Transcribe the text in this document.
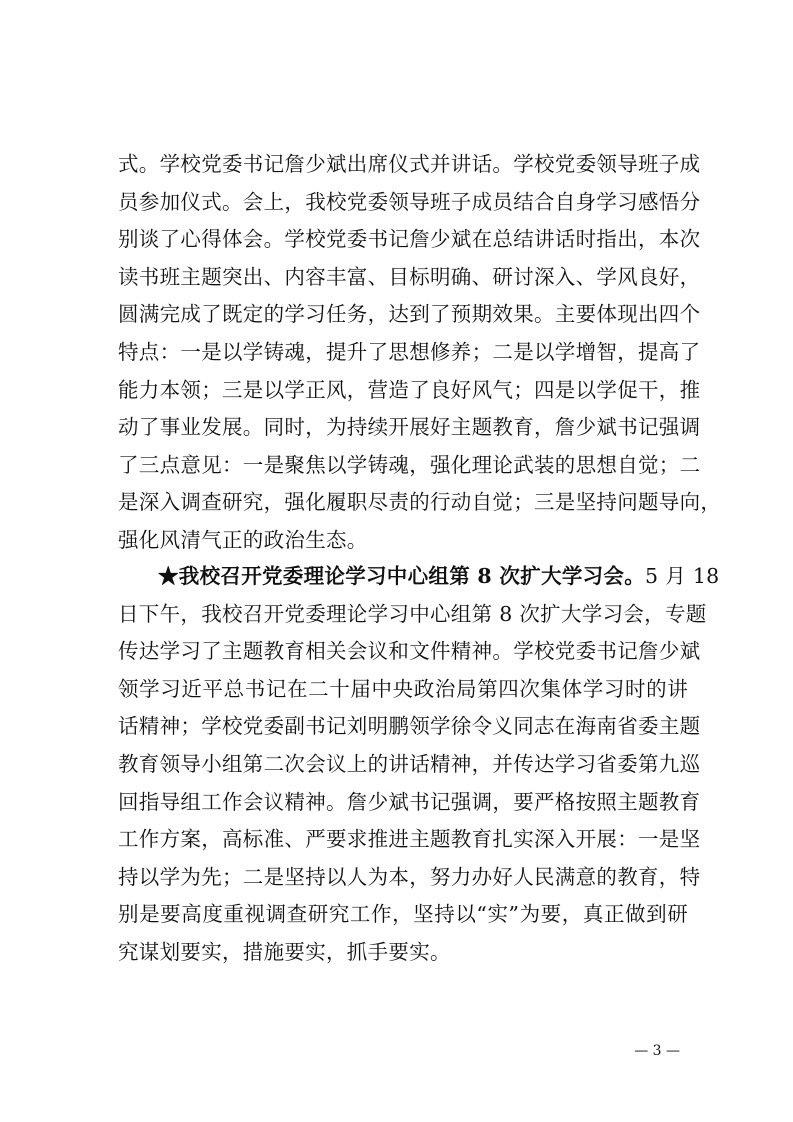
式。学校党委书记詹少斌出席仪式并讲话。学校党委领导班子成
员参加仪式。会上，我校党委领导班子成员结合自身学习感悟分
别谈了心得体会。学校党委书记詹少斌在总结讲话时指出，本次
读书班主题突出、内容丰富、目标明确、研讨深入、学风良好，
圆满完成了既定的学习任务，达到了预期效果。主要体现出四个
特点：一是以学铸魂，提升了思想修养；二是以学增智，提高了
能力本领；三是以学正风，营造了良好风气；四是以学促干，推
动了事业发展。同时，为持续开展好主题教育，詹少斌书记强调
了三点意见：一是聚焦以学铸魂，强化理论武装的思想自觉；二
是深入调查研究，强化履职尽责的行动自觉；三是坚持问题导向，
强化风清气正的政治生态。
★我校召开党委理论学习中心组第 8 次扩大学习会。5 月 18
日下午，我校召开党委理论学习中心组第 8 次扩大学习会，专题
传达学习了主题教育相关会议和文件精神。学校党委书记詹少斌
领学习近平总书记在二十届中央政治局第四次集体学习时的讲
话精神；学校党委副书记刘明鹏领学徐令义同志在海南省委主题
教育领导小组第二次会议上的讲话精神，并传达学习省委第九巡
回指导组工作会议精神。詹少斌书记强调，要严格按照主题教育
工作方案，高标准、严要求推进主题教育扎实深入开展：一是坚
持以学为先；二是坚持以人为本，努力办好人民满意的教育，特
别是要高度重视调查研究工作，坚持以“实”为要，真正做到研
究谋划要实，措施要实，抓手要实。
— 3 —
